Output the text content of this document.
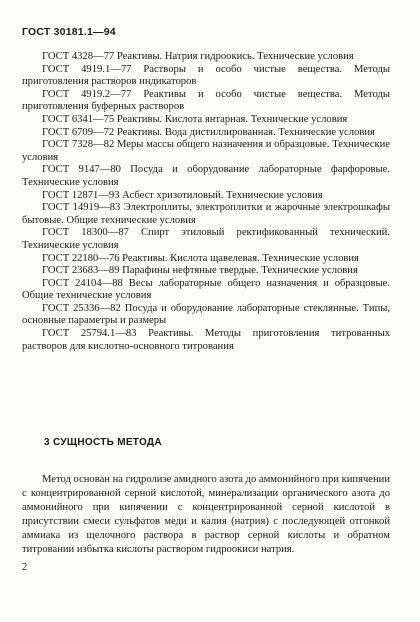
ГОСТ 30181.1—94

ГОСТ 4328—77 Реактивы. Натрия гидроокись. Технические условия

ГОСТ 4919.1—77 Растворы и особо чистые вещества. Методы приготовления растворов индикаторов

ГОСТ 4919.2—77 Реактивы и особо чистые вещества. Методы приготовления буферных растворов

ГОСТ 6341—75 Реактивы. Кислота янтарная. Технические условия

ГОСТ 6709—72 Реактивы. Вода дистиллированная. Технические условия

ГОСТ 7328—82 Меры массы общего назначения и образцовые. Технические условия

ГОСТ 9147—80 Посуда и оборудование лабораторные фарфоровые. Технические условия

ГОСТ 12871—93 Асбест хризотиловый. Технические условия

ГОСТ 14919—83 Электроплиты, электроплитки и жарочные электрошкафы бытовые. Общие технические условия

ГОСТ 18300—87 Спирт этиловый ректификованный технический. Технические условия

ГОСТ 22180—76 Реактивы. Кислота щавелевая. Технические условия

ГОСТ 23683—89 Парафины нефтяные твердые. Технические условия

ГОСТ 24104—88 Весы лабораторные общего назначения и образцовые. Общие технические условия

ГОСТ 25336—82 Посуда и оборудование лабораторные стеклянные. Типы, основные параметры и размеры

ГОСТ 25794.1—83 Реактивы. Методы приготовления титрованных растворов для кислотно-основного титрования

3 СУЩНОСТЬ МЕТОДА

Метод основан на гидролизе амидного азота до аммонийного при кипячении с концентрированной серной кислотой, минерализации органического азота до аммонийного при кипячении с концентрированной серной кислотой в присутствии смеси сульфатов меди и калия (натрия) с последующей отгонкой аммиака из щелочного раствора в раствор серной кислоты и обратном титровании избытка кислоты раствором гидроокиси натрия.

2
